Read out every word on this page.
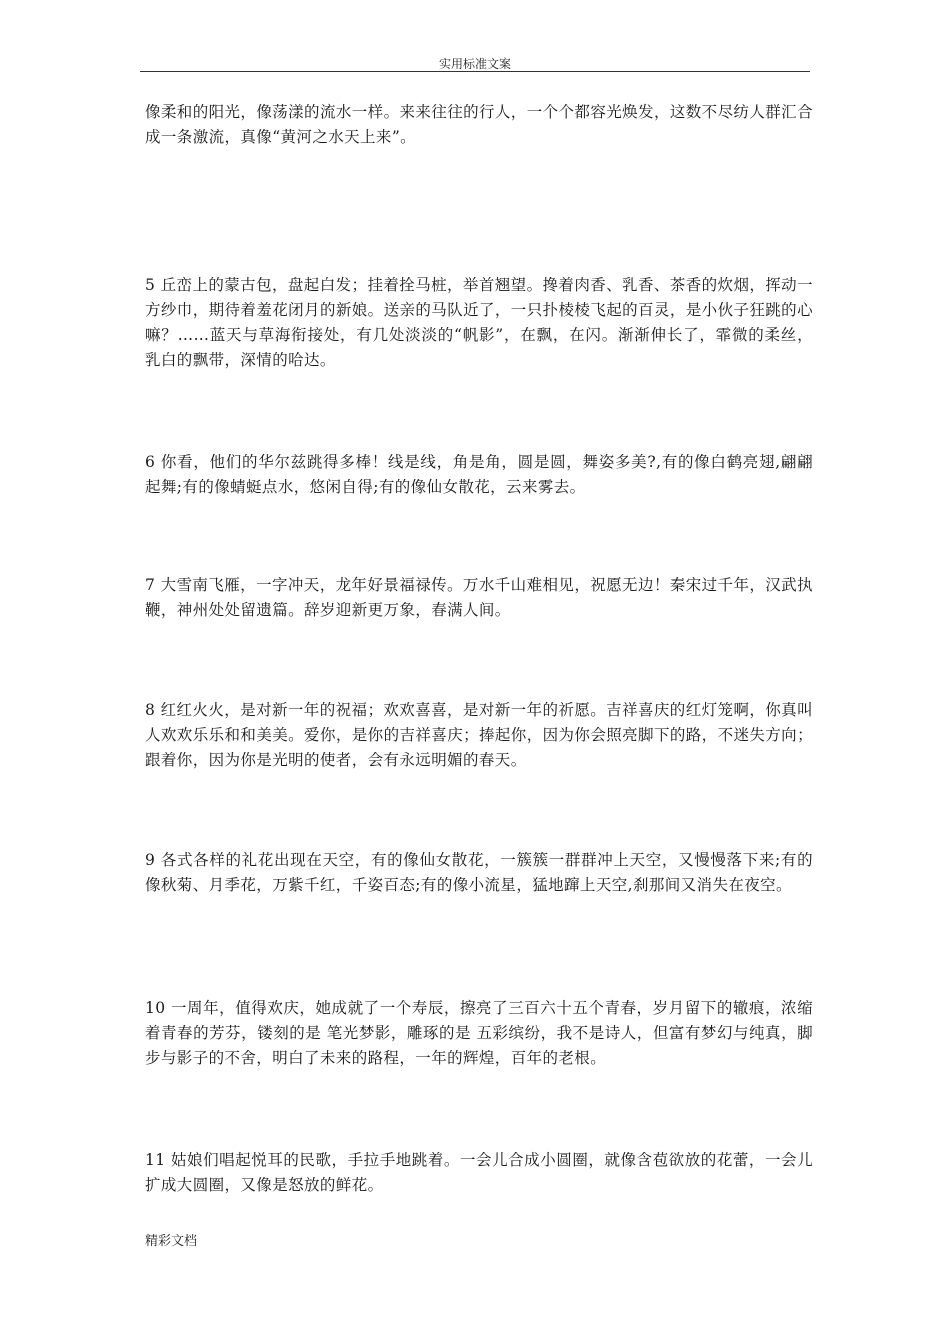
实用标准文案

像柔和的阳光，像荡漾的流水一样。来来往往的行人，一个个都容光焕发，这数不尽纺人群汇合成一条激流，真像“黄河之水天上来”。

5 丘峦上的蒙古包，盘起白发；挂着拴马桩，举首翘望。搀着肉香、乳香、茶香的炊烟，挥动一方纱巾，期待着羞花闭月的新娘。送亲的马队近了，一只扑棱棱飞起的百灵，是小伙子狂跳的心嘛？……蓝天与草海衔接处，有几处淡淡的“帆影”，在飘，在闪。渐渐伸长了，霏微的柔丝，乳白的飘带，深情的哈达。

6 你看，他们的华尔兹跳得多棒！线是线，角是角，圆是圆，舞姿多美?,有的像白鹤亮翅,翩翩起舞;有的像蜻蜓点水，悠闲自得;有的像仙女散花，云来雾去。

7 大雪南飞雁，一字冲天，龙年好景福禄传。万水千山难相见，祝愿无边！秦宋过千年，汉武执鞭，神州处处留遗篇。辞岁迎新更万象，春满人间。

8 红红火火，是对新一年的祝福；欢欢喜喜，是对新一年的祈愿。吉祥喜庆的红灯笼啊，你真叫人欢欢乐乐和和美美。爱你，是你的吉祥喜庆；捧起你，因为你会照亮脚下的路，不迷失方向；跟着你，因为你是光明的使者，会有永远明媚的春天。

9 各式各样的礼花出现在天空，有的像仙女散花，一簇簇一群群冲上天空，又慢慢落下来;有的像秋菊、月季花，万紫千红，千姿百态;有的像小流星，猛地蹿上天空,刹那间又消失在夜空。

10 一周年，值得欢庆，她成就了一个寿辰，擦亮了三百六十五个青春，岁月留下的辙痕，浓缩着青春的芳芬，镂刻的是 笔光梦影，雕琢的是 五彩缤纷，我不是诗人，但富有梦幻与纯真，脚步与影子的不舍，明白了未来的路程，一年的辉煌，百年的老根。

11 姑娘们唱起悦耳的民歌，手拉手地跳着。一会儿合成小圆圈，就像含苞欲放的花蕾，一会儿扩成大圆圈，又像是怒放的鲜花。

精彩文档
